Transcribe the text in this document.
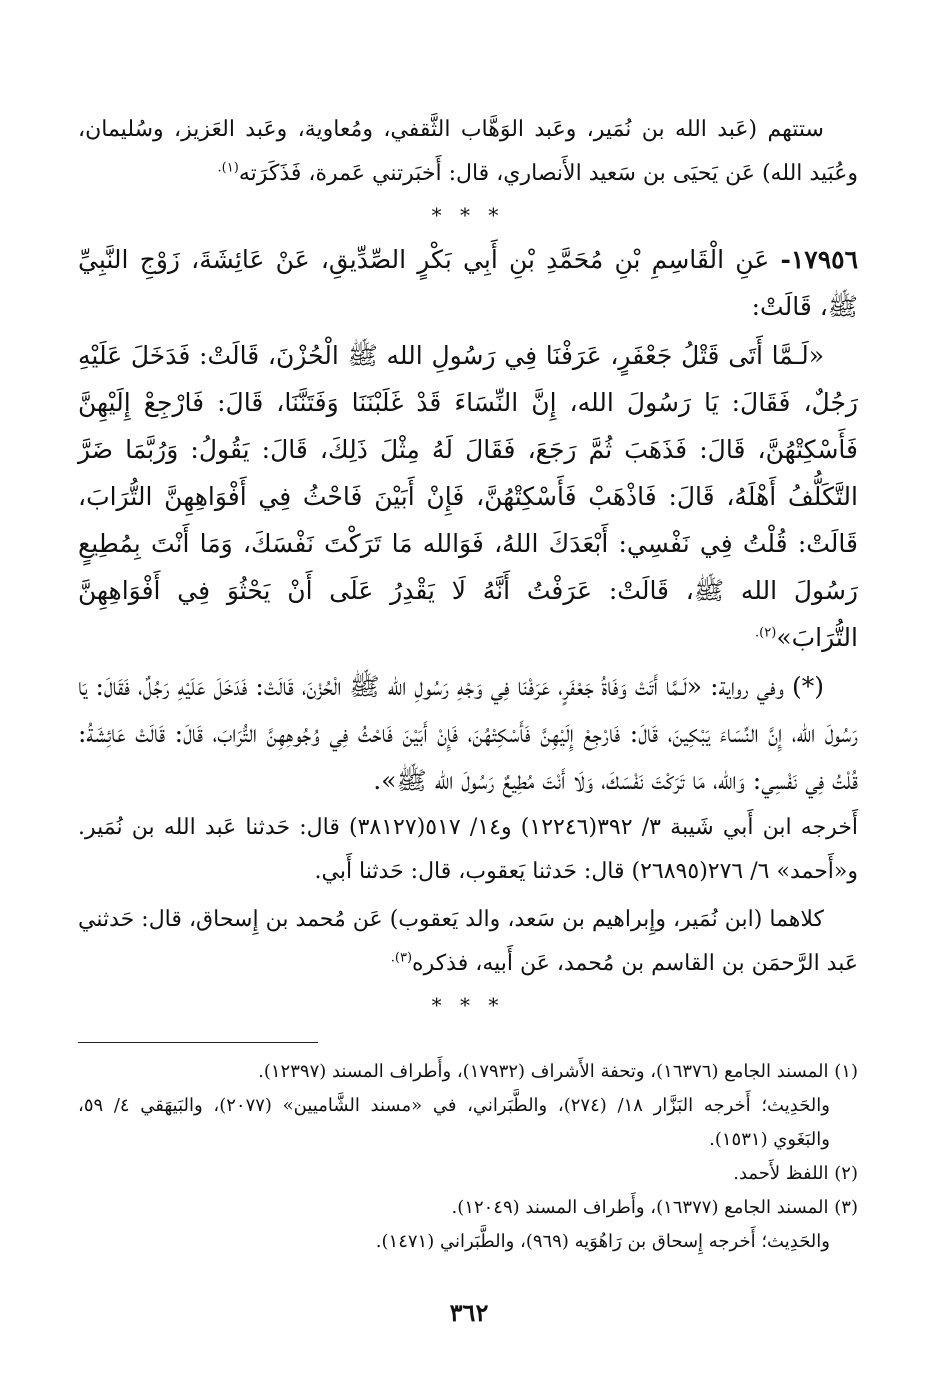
ستتهم (عَبد الله بن نُمَير، وعَبد الوَهَّاب الثَّقفي، ومُعاوية، وعَبد العَزيز، وسُليمان، وعُبَيد الله) عَن يَحيَى بن سَعيد الأَنصاري، قال: أَخبَرتني عَمرة، فَذَكَرَته$^{(١).}$

* * *

١٧٩٥٦- عَنِ الْقَاسِمِ بْنِ مُحَمَّدِ بْنِ أَبِي بَكْرٍ الصِّدِّيقِ، عَنْ عَائِشَةَ، زَوْجِ النَّبِيِّ ﷺ، قَالَتْ:

«لَـمَّا أَتَى قَتْلُ جَعْفَرٍ، عَرَفْنَا فِي رَسُولِ الله ﷺ الْحُزْنَ، قَالَتْ: فَدَخَلَ عَلَيْهِ رَجُلٌ، فَقَالَ: يَا رَسُولَ الله، إِنَّ النِّسَاءَ قَدْ غَلَبْنَنَا وَفَتَنَّنَا، قَالَ: فَارْجِعْ إِلَيْهِنَّ فَأَسْكِتْهُنَّ، قَالَ: فَذَهَبَ ثُمَّ رَجَعَ، فَقَالَ لَهُ مِثْلَ ذَلِكَ، قَالَ: يَقُولُ: وَرُبَّمَا ضَرَّ التَّكَلُّفُ أَهْلَهُ، قَالَ: فَاذْهَبْ فَأَسْكِتْهُنَّ، فَإِنْ أَبَيْنَ فَاحْثُ فِي أَفْوَاهِهِنَّ التُّرَابَ، قَالَتْ: قُلْتُ فِي نَفْسِي: أَبْعَدَكَ اللهُ، فَوَالله مَا تَرَكْتَ نَفْسَكَ، وَمَا أَنْتَ بِمُطِيعٍ رَسُولَ الله ﷺ، قَالَتْ: عَرَفْتُ أَنَّهُ لَا يَقْدِرُ عَلَى أَنْ يَحْثُوَ فِي أَفْوَاهِهِنَّ التُّرَابَ»$^{(٢).}$

(*) وفي رواية: «لَـمَّا أَتَتْ وَفَاةُ جَعْفَرٍ، عَرَفْنَا فِي وَجْهِ رَسُولِ الله ﷺ الْحُزْنَ، قَالَتْ: فَدَخَلَ عَلَيْهِ رَجُلٌ، فَقَالَ: يَا رَسُولَ الله، إِنَّ النِّسَاءَ يَبْكِينَ، قَالَ: فَارْجِعْ إِلَيْهِنَّ فَأَسْكِتْهُنَ، فَإِنْ أَبَيْنَ فَاحْثُ فِي وُجُوهِهِنَّ التُّرَابَ، قَالَ: قَالَتْ عَائِشَةُ: قُلْتُ فِي نَفْسِي: وَالله، مَا تَرَكْتَ نَفْسَكَ، وَلَا أَنْتَ مُطِيعٌ رَسُولَ الله ﷺ».

أَخرجه ابن أَبي شَيبة ٣/ ٣٩٢(١٢٢٤٦) و١٤/ ٥١٧(٣٨١٢٧) قال: حَدثنا عَبد الله بن نُمَير. و«أَحمد» ٦/ ٢٧٦(٢٦٨٩٥) قال: حَدثنا يَعقوب، قال: حَدثنا أَبي.

كلاهما (ابن نُمَير، وإِبراهيم بن سَعد، والد يَعقوب) عَن مُحمد بن إِسحاق، قال: حَدثني عَبد الرَّحمَن بن القاسم بن مُحمد، عَن أَبيه، فذكره$^{(٣).}$

* * *

(١) المسند الجامع (١٦٣٧٦)، وتحفة الأَشراف (١٧٩٣٢)، وأَطراف المسند (١٢٣٩٧).

والحَدِيث؛ أَخرجه البَزَّار ١٨/ (٢٧٤)، والطَّبَراني، في «مسند الشَّاميين» (٢٠٧٧)، والبَيهَقي ٤/ ٥٩، والبَغَوي (١٥٣١).

(٢) اللفظ لأَحمد.

(٣) المسند الجامع (١٦٣٧٧)، وأَطراف المسند (١٢٠٤٩).

والحَدِيث؛ أَخرجه إِسحاق بن رَاهُوَيه (٩٦٩)، والطَّبَراني (١٤٧١).

٣٦٢
